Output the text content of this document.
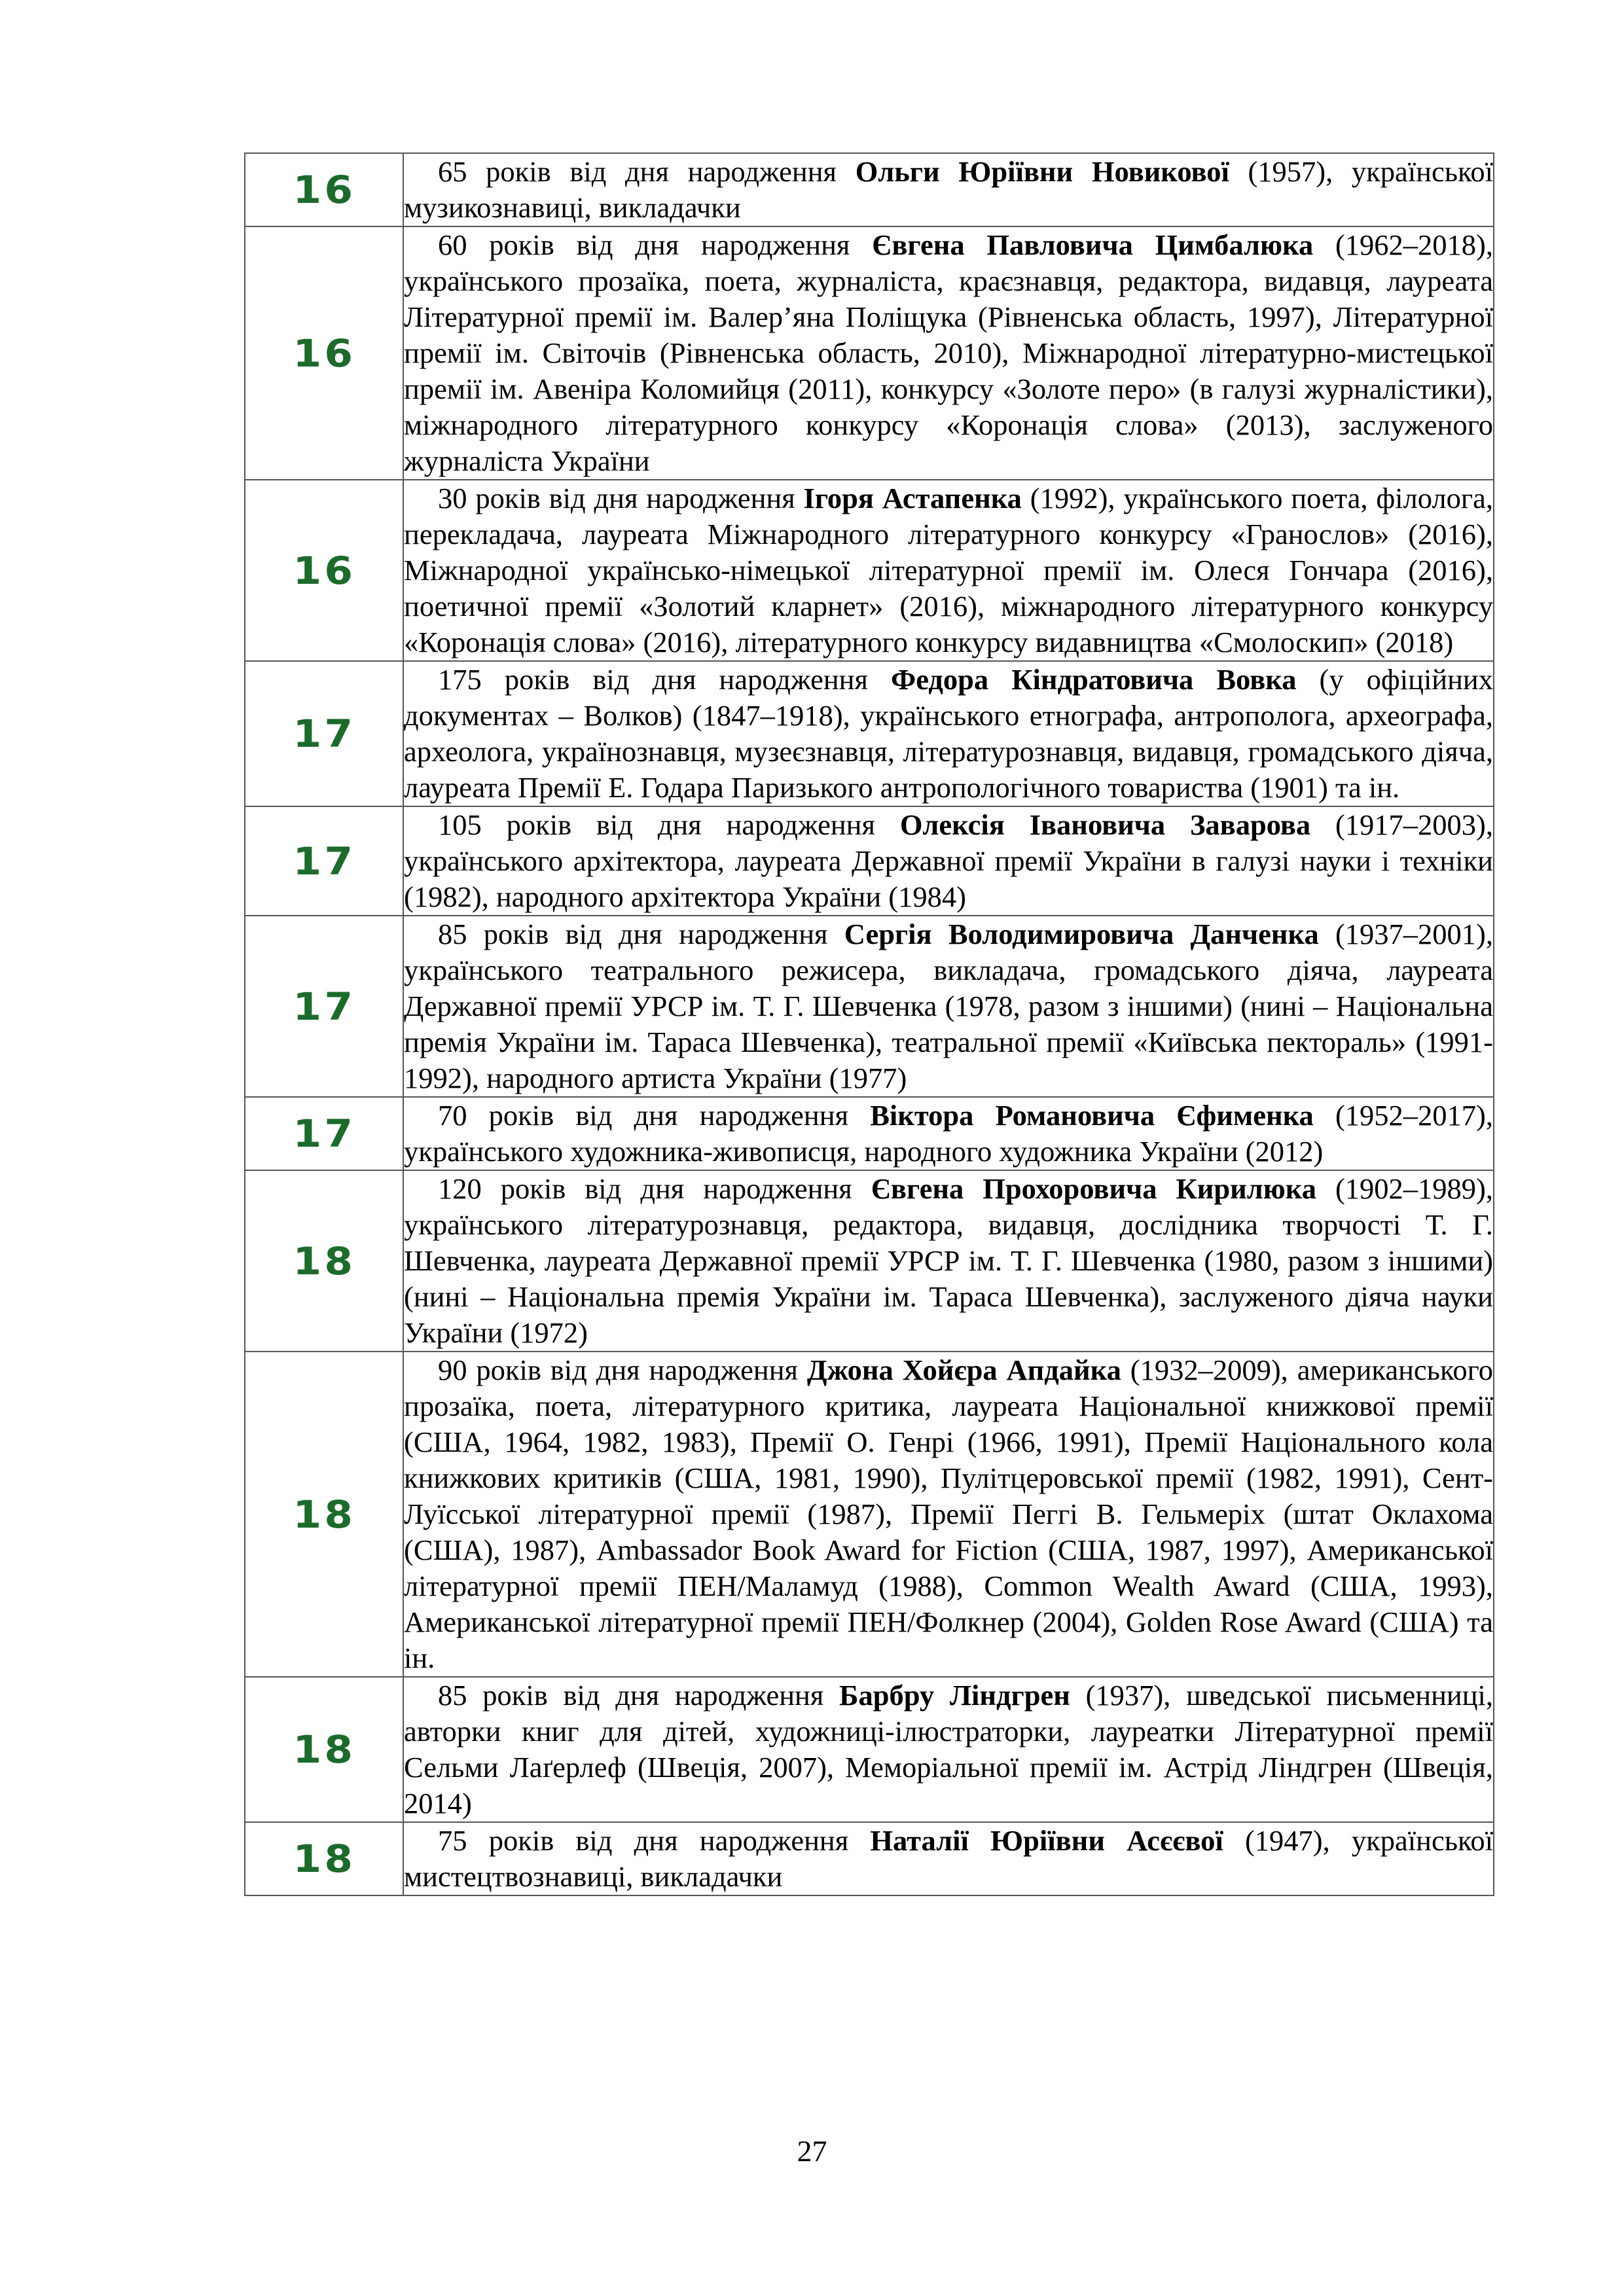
16	65 років від дня народження Ольги Юріївни Новикової (1957), української музикознавиці, викладачки

16	60 років від дня народження Євгена Павловича Цимбалюка (1962–2018), українського прозаїка, поета, журналіста, краєзнавця, редактора, видавця, лауреата Літературної премії ім. Валер’яна Поліщука (Рівненська область, 1997), Літературної премії ім. Світочів (Рівненська область, 2010), Міжнародної літературно-мистецької премії ім. Авеніра Коломийця (2011), конкурсу «Золоте перо» (в галузі журналістики), міжнародного літературного конкурсу «Коронація слова» (2013), заслуженого журналіста України

16	30 років від дня народження Ігоря Астапенка (1992), українського поета, філолога, перекладача, лауреата Міжнародного літературного конкурсу «Гранослов» (2016), Міжнародної українсько-німецької літературної премії ім. Олеся Гончара (2016), поетичної премії «Золотий кларнет» (2016), міжнародного літературного конкурсу «Коронація слова» (2016), літературного конкурсу видавництва «Смолоскип» (2018)

17	175 років від дня народження Федора Кіндратовича Вовка (у офіційних документах – Волков) (1847–1918), українського етнографа, антрополога, археографа, археолога, українознавця, музеєзнавця, літературознавця, видавця, громадського діяча, лауреата Премії Е. Годара Паризького антропологічного товариства (1901) та ін.

17	105 років від дня народження Олексія Івановича Заварова (1917–2003), українського архітектора, лауреата Державної премії України в галузі науки і техніки (1982), народного архітектора України (1984)

17	85 років від дня народження Сергія Володимировича Данченка (1937–2001), українського театрального режисера, викладача, громадського діяча, лауреата Державної премії УРСР ім. Т. Г. Шевченка (1978, разом з іншими) (нині – Національна премія України ім. Тараса Шевченка), театральної премії «Київська пектораль» (1991-1992), народного артиста України (1977)

17	70 років від дня народження Віктора Романовича Єфименка (1952–2017), українського художника-живописця, народного художника України (2012)

18	120 років від дня народження Євгена Прохоровича Кирилюка (1902–1989), українського літературознавця, редактора, видавця, дослідника творчості Т. Г. Шевченка, лауреата Державної премії УРСР ім. Т. Г. Шевченка (1980, разом з іншими) (нині – Національна премія України ім. Тараса Шевченка), заслуженого діяча науки України (1972)

18	90 років від дня народження Джона Хойєра Апдайка (1932–2009), американського прозаїка, поета, літературного критика, лауреата Національної книжкової премії (США, 1964, 1982, 1983), Премії О. Генрі (1966, 1991), Премії Національного кола книжкових критиків (США, 1981, 1990), Пулітцеровської премії (1982, 1991), Сент-Луїсської літературної премії (1987), Премії Пеггі В. Гельмеріх (штат Оклахома (США), 1987), Ambassador Book Award for Fiction (США, 1987, 1997), Американської літературної премії ПЕН/Маламуд (1988), Common Wealth Award (США, 1993), Американської літературної премії ПЕН/Фолкнер (2004), Golden Rose Award (США) та ін.

18	85 років від дня народження Барбру Ліндгрен (1937), шведської письменниці, авторки книг для дітей, художниці-ілюстраторки, лауреатки Літературної премії Сельми Лаґерлеф (Швеція, 2007), Меморіальної премії ім. Астрід Ліндгрен (Швеція, 2014)

18	75 років від дня народження Наталії Юріївни Асєєвої (1947), української мистецтвознавиці, викладачки
27
